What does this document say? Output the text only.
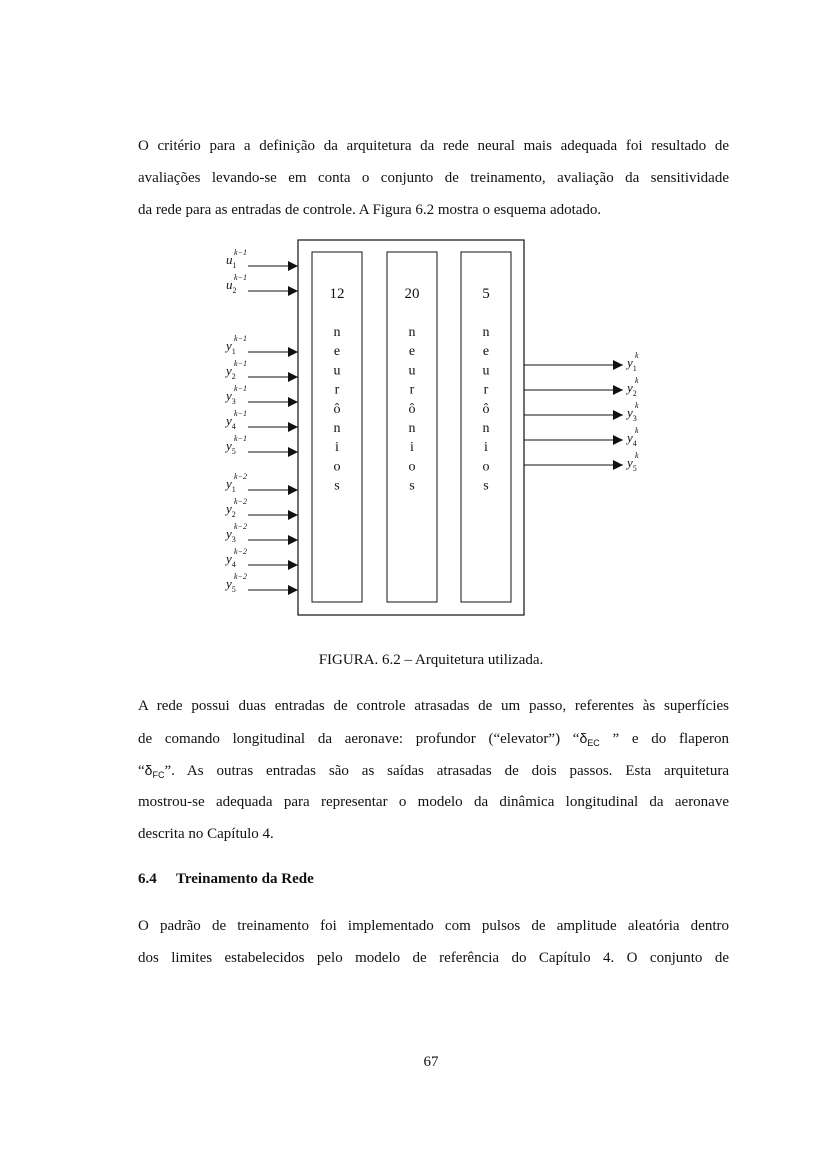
O critério para a definição da arquitetura da rede neural mais adequada foi resultado de
avaliações levando-se em conta o conjunto de treinamento, avaliação da sensitividade
da rede para as entradas de controle. A Figura 6.2 mostra o esquema adotado.
12
n
e
u
r
ô
n
i
o
s
20
n
e
u
r
ô
n
i
o
s
5
n
e
u
r
ô
n
i
o
s
$u_1k-1$
$u_2k-1$
$y_1k-1$
$y_2k-1$
$y_3k-1$
$y_4k-1$
$y_5k-1$
$y_1k-2$
$y_2k-2$
$y_3k-2$
$y_4k-2$
$y_5k-2$
$y_1k$
$y_2k$
$y_3k$
$y_4k$
$y_5k$

FIGURA. 6.2 – Arquitetura utilizada.

A rede possui duas entradas de controle atrasadas de um passo, referentes às superfícies
de comando longitudinal da aeronave: profundor (“elevator”) “$\delta_{EC}$ ” e do flaperon
“$\delta_{FC}$”. As outras entradas são as saídas atrasadas de dois passos. Esta arquitetura
mostrou-se adequada para representar o modelo da dinâmica longitudinal da aeronave
descrita no Capítulo 4.

6.4 Treinamento da Rede

O padrão de treinamento foi implementado com pulsos de amplitude aleatória dentro
dos limites estabelecidos pelo modelo de referência do Capítulo 4. O conjunto de

67
